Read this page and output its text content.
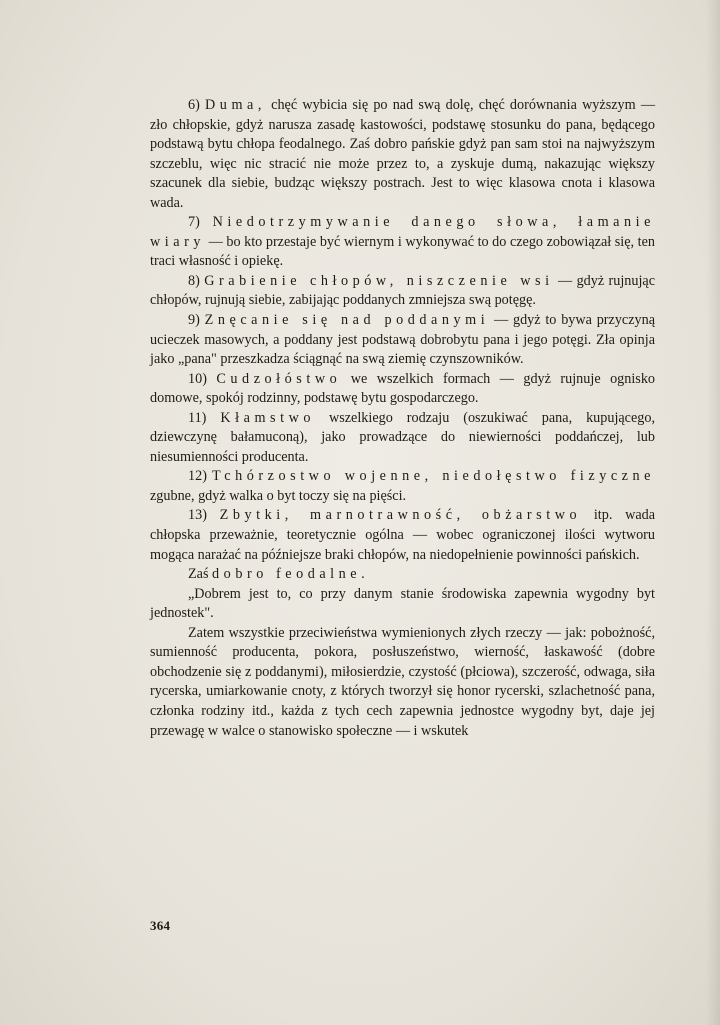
6) Duma, chęć wybicia się po nad swą dolę, chęć dorównania wyższym — zło chłopskie, gdyż narusza zasadę kastowości, podstawę stosunku do pana, będącego podstawą bytu chłopa feodalnego. Zaś dobro pańskie gdyż pan sam stoi na najwyższym szczeblu, więc nic stracić nie może przez to, a zyskuje dumą, nakazując większy szacunek dla siebie, budząc większy postrach. Jest to więc klasowa cnota i klasowa wada.

7) Niedotrzymywanie danego słowa, łamanie wiary — bo kto przestaje być wiernym i wykonywać to do czego zobowiązał się, ten traci własność i opiekę.

8) Grabienie chłopów, niszczenie wsi — gdyż rujnując chłopów, rujnują siebie, zabijając poddanych zmniejsza swą potęgę.

9) Znęcanie się nad poddanymi — gdyż to bywa przyczyną ucieczek masowych, a poddany jest podstawą dobrobytu pana i jego potęgi. Zła opinja jako „pana" przeszkadza ściągnąć na swą ziemię czynszowników.

10) Cudzołóstwo we wszelkich formach — gdyż rujnuje ognisko domowe, spokój rodzinny, podstawę bytu gospodarczego.

11) Kłamstwo wszelkiego rodzaju (oszukiwać pana, kupującego, dziewczynę bałamuconą), jako prowadzące do niewierności poddańczej, lub niesumienności producenta.

12) Tchórzostwo wojenne, niedołęstwo fizyczne zgubne, gdyż walka o byt toczy się na pięści.

13) Zbytki, marnotrawność, obżarstwo itp. wada chłopska przeważnie, teoretycznie ogólna — wobec ograniczonej ilości wytworu mogąca narażać na późniejsze braki chłopów, na niedopełnienie powinności pańskich.

Zaś dobro feodalne.

„Dobrem jest to, co przy danym stanie środowiska zapewnia wygodny byt jednostek".

Zatem wszystkie przeciwieństwa wymienionych złych rzeczy — jak: pobożność, sumienność producenta, pokora, posłuszeństwo, wierność, łaskawość (dobre obchodzenie się z poddanymi), miłosierdzie, czystość (płciowa), szczerość, odwaga, siła rycerska, umiarkowanie cnoty, z których tworzył się honor rycerski, szlachetność pana, członka rodziny itd., każda z tych cech zapewnia jednostce wygodny byt, daje jej przewagę w walce o stanowisko społeczne — i wskutek

364
